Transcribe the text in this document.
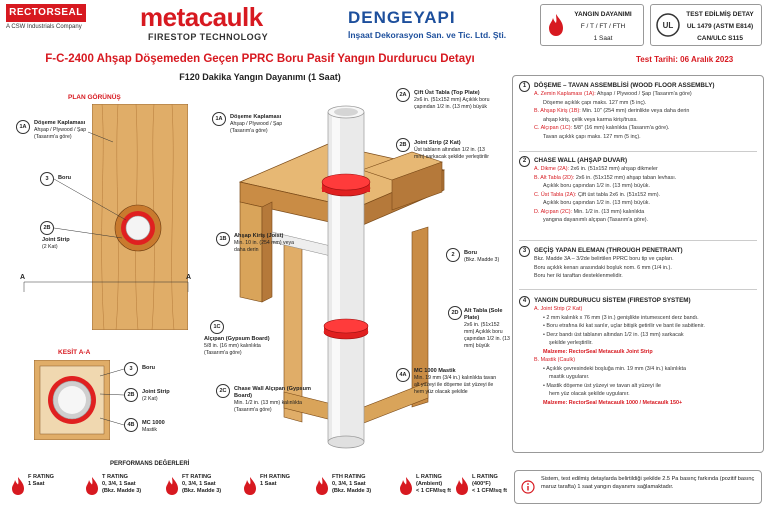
RECTORSEAL
A CSW Industrials Company metacaulk
FIRESTOP TECHNOLOGY
DENGEYAPI
İnşaat Dekorasyon San. ve Tic. Ltd. Şti.
YANGIN DAYANIMI
F / T / FT / FTH
1 Saat
UL
TEST EDİLMİŞ DETAY
UL 1479 (ASTM E814)
CAN/ULC S115
F-C-2400 Ahşap Döşemeden Geçen PPRC Boru Pasif Yangın Durdurucu Detayı	Test Tarihi: 06 Aralık 2023
F120 Dakika Yangın Dayanımı (1 Saat)
PLAN GÖRÜNÜŞ
1A
Döşeme Kaplaması
Ahşap / Plywood / Şap (Tasarım'a göre)
3	Boru
2B
Joint Strip
(2 Kat)
A	A
KESİT A-A
3	Boru
2B	Joint Strip
(2 Kat)
4B	MC 1000
Mastik
1A	Döşeme Kaplaması
Ahşap / Plywood / Şap (Tasarım'a göre)
2A	Çift Üst Tabla (Top Plate)
2x6 in. (51x152 mm) Açıklık boru çapından 1/2 in. (13 mm) büyük
2B	Joint Strip (2 Kat)
Üst tabların altından 1/2 in. (13 mm) sarkacak şekilde yerleştirilir
1B	Ahşap Kiriş (Joist)
Min. 10 in. (254 mm) veya daha derin
2	Boru
(Bkz. Madde 3)
2D Alt Tabla (Sole Plate)
2x6 in. (51x152 mm) Açıklık boru çapından 1/2 in. (13 mm) büyük
1C
Alçıpan (Gypsum Board)
5/8 in. (16 mm) kalınlıkta (Tasarım'a göre)
4A
MC 1000 Mastik
Min. 19 mm (3/4 in.) kalınlıkta tavan alt yüzeyi ile döşeme üst yüzeyi ile hem yüz olacak şekilde
2C	Chase Wall Alçıpan (Gypsum Board)
Min. 1/2 in. (13 mm) kalınlıkta (Tasarım'a göre)
1	DÖŞEME – TAVAN ASSEMBLİSİ (WOOD FLOOR ASSEMBLY)
A. Zemin Kaplaması (1A): Ahşap / Plywood / Şap (Tasarım'a göre)
Döşeme açıklık çapı maks. 127 mm (5 inç).
B. Ahşap Kiriş (1B): Min. 10" (254 mm) derinlikte veya daha derin
ahşap kiriş, çelik veya karma kiriş/truss.
C. Alçıpan (1C): 5/8" (16 mm) kalınlıkta (Tasarım'a göre).
Tavan açıklık çapı maks. 127 mm (5 inç).
2	CHASE WALL (AHŞAP DUVAR)
A. Dikme (2A): 2x6 in. (51x152 mm) ahşap dikmeler
B. Alt Tabla (2D): 2x6 in. (51x152 mm) ahşap taban levhası.
Açıklık boru çapından 1/2 in. (13 mm) büyük.
C. Üst Tabla (2A): Çift üst tabla 2x6 in. (51x152 mm).
Açıklık boru çapından 1/2 in. (13 mm) büyük.
D. Alçıpan (2C): Min. 1/2 in. (13 mm) kalınlıkta
yangına dayanımlı alçıpan (Tasarım'a göre).
3	GEÇİŞ YAPAN ELEMAN (THROUGH PENETRANT)
Bkz. Madde 3A – 3/2de belirtilen PPRC boru tip ve çapları.
Boru açıklık kenarı arasındaki boşluk nom. 6 mm (1/4 in.).
Boru her iki taraftan desteklenmelidir.
4	YANGIN DURDURUCU SİSTEM (FIRESTOP SYSTEM)
A. Joint Strip (2 Kat)
• 2 mm kalınlık x 76 mm (3 in.) genişlikte intumescent derz bandı.
• Boru etrafına iki kat sarılır, uçlar bitişik getirilir ve bant ile sabitlenir.
• Derz bandı üst tablanın altından 1/2 in. (13 mm) sarkacak
şekilde yerleştirilir.
Malzeme: RectorSeal Metacaulk Joint Strip
B. Mastik (Caulk)
• Açıklık çevresindeki boşluğa min. 19 mm (3/4 in.) kalınlıkta
mastik uygulanır.
• Mastik döşeme üst yüzeyi ve tavan alt yüzeyi ile
hem yüz olacak şekilde uygulanır.
Malzeme: RectorSeal Metacaulk 1000 / Metacaulk 150+
PERFORMANS DEĞERLERİ
F RATING
1 Saat
T RATING
0, 3/4, 1 Saat
(Bkz. Madde 3)
FT RATING
0, 3/4, 1 Saat
(Bkz. Madde 3)
FH RATING
1 Saat
FTH RATING
0, 3/4, 1 Saat
(Bkz. Madde 3)
L RATING
(Ambient)
< 1 CFM/sq ft
L RATING
(400°F)
< 1 CFM/sq ft
Sistem, test edilmiş detaylarda belirtildiği şekilde 2.5 Pa basınç farkında (pozitif basınç maruz tarafta) 1 saat yangın dayanımı sağlamaktadır.
